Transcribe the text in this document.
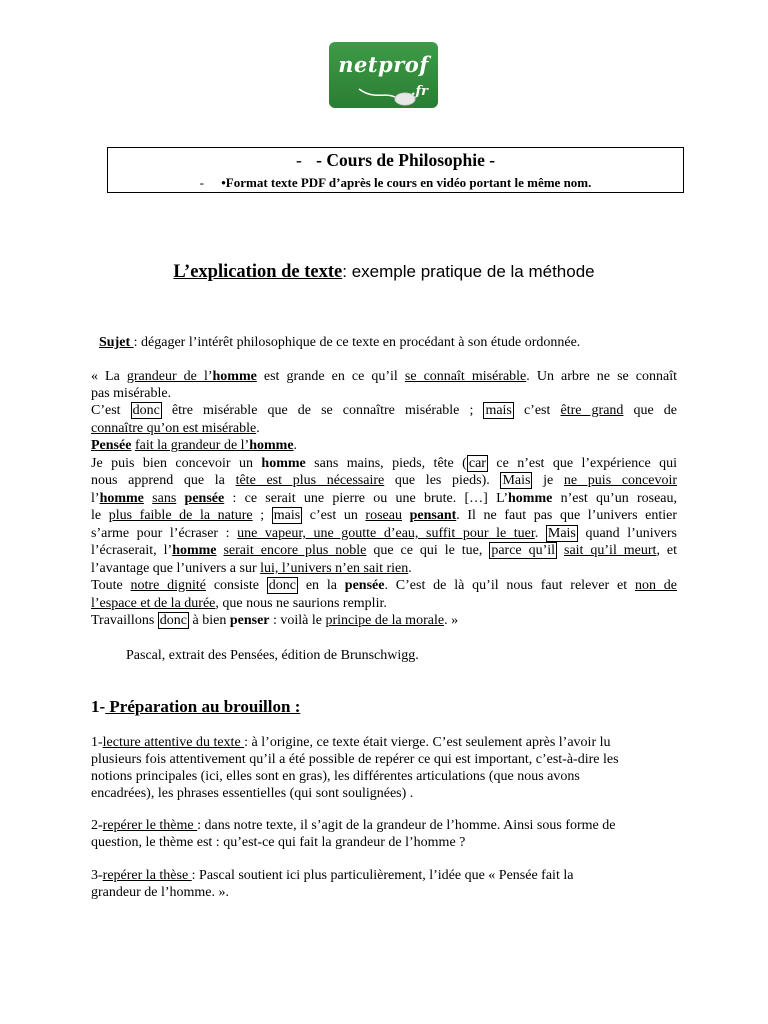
netprof
.fr
- - Cours de Philosophie -
- •Format texte PDF d’après le cours en vidéo portant le même nom.
L’explication de texte: exemple pratique de la méthode
Sujet : dégager l’intérêt philosophique de ce texte en procédant à son étude ordonnée.
« La grandeur de l’homme est grande en ce qu’il se connaît misérable. Un arbre ne se connaît
pas misérable.
C’est donc être misérable que de se connaître misérable ; mais c’est être grand que de
connaître qu’on est misérable.
Pensée fait la grandeur de l’homme.
Je puis bien concevoir un homme sans mains, pieds, tête ( car ce n’est que l’expérience qui
nous apprend que la tête est plus nécessaire que les pieds). Mais je ne puis concevoir
l’homme sans pensée : ce serait une pierre ou une brute. […] L’homme n’est qu’un roseau,
le plus faible de la nature ; mais c’est un roseau pensant. Il ne faut pas que l’univers entier
s’arme pour l’écraser : une vapeur, une goutte d’eau, suffit pour le tuer. Mais quand l’univers
l’écraserait, l’homme serait encore plus noble que ce qui le tue, parce qu’il sait qu’il meurt, et
l’avantage que l’univers a sur lui, l’univers n’en sait rien.
Toute notre dignité consiste donc en la pensée. C’est de là qu’il nous faut relever et non de
l’espace et de la durée, que nous ne saurions remplir.
Travaillons donc à bien penser : voilà le principe de la morale. »
Pascal, extrait des Pensées, édition de Brunschwigg.
1- Préparation au brouillon :
1-lecture attentive du texte : à l’origine, ce texte était vierge. C’est seulement après l’avoir lu
plusieurs fois attentivement qu’il a été possible de repérer ce qui est important, c’est-à-dire les
notions principales (ici, elles sont en gras), les différentes articulations (que nous avons
encadrées), les phrases essentielles (qui sont soulignées) .
2-repérer le thème : dans notre texte, il s’agit de la grandeur de l’homme. Ainsi sous forme de
question, le thème est : qu’est-ce qui fait la grandeur de l’homme ?
3-repérer la thèse : Pascal soutient ici plus particulièrement, l’idée que « Pensée fait la
grandeur de l’homme. ».
